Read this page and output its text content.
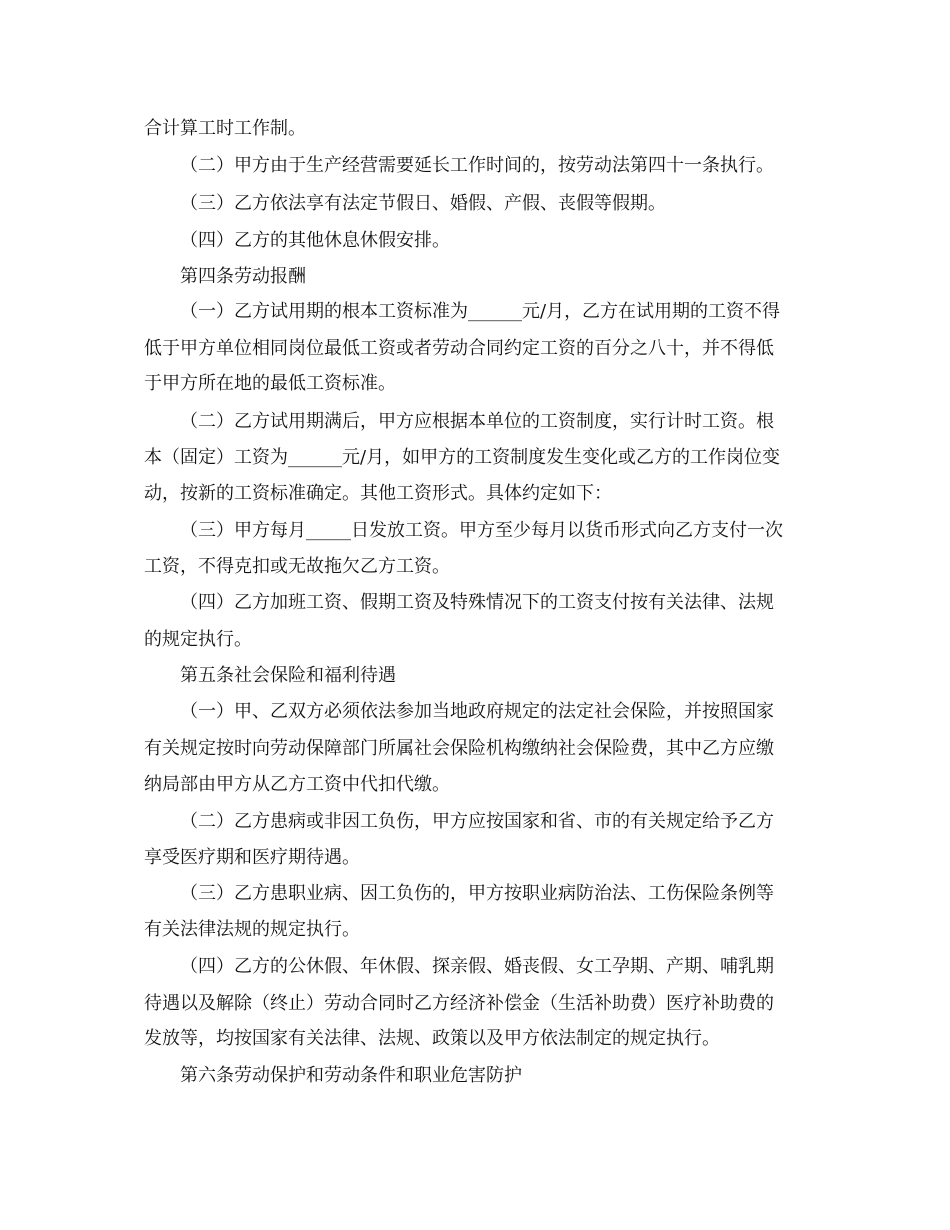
合计算工时工作制。
（二）甲方由于生产经营需要延长工作时间的，按劳动法第四十一条执行。
（三）乙方依法享有法定节假日、婚假、产假、丧假等假期。
（四）乙方的其他休息休假安排。
第四条劳动报酬
（一）乙方试用期的根本工资标准为______元/月，乙方在试用期的工资不得
低于甲方单位相同岗位最低工资或者劳动合同约定工资的百分之八十，并不得低
于甲方所在地的最低工资标准。
（二）乙方试用期满后，甲方应根据本单位的工资制度，实行计时工资。根
本（固定）工资为______元/月，如甲方的工资制度发生变化或乙方的工作岗位变
动，按新的工资标准确定。其他工资形式。具体约定如下：
（三）甲方每月_____日发放工资。甲方至少每月以货币形式向乙方支付一次
工资，不得克扣或无故拖欠乙方工资。
（四）乙方加班工资、假期工资及特殊情况下的工资支付按有关法律、法规
的规定执行。
第五条社会保险和福利待遇
（一）甲、乙双方必须依法参加当地政府规定的法定社会保险，并按照国家
有关规定按时向劳动保障部门所属社会保险机构缴纳社会保险费，其中乙方应缴
纳局部由甲方从乙方工资中代扣代缴。
（二）乙方患病或非因工负伤，甲方应按国家和省、市的有关规定给予乙方
享受医疗期和医疗期待遇。
（三）乙方患职业病、因工负伤的，甲方按职业病防治法、工伤保险条例等
有关法律法规的规定执行。
（四）乙方的公休假、年休假、探亲假、婚丧假、女工孕期、产期、哺乳期
待遇以及解除（终止）劳动合同时乙方经济补偿金（生活补助费）医疗补助费的
发放等，均按国家有关法律、法规、政策以及甲方依法制定的规定执行。
第六条劳动保护和劳动条件和职业危害防护
